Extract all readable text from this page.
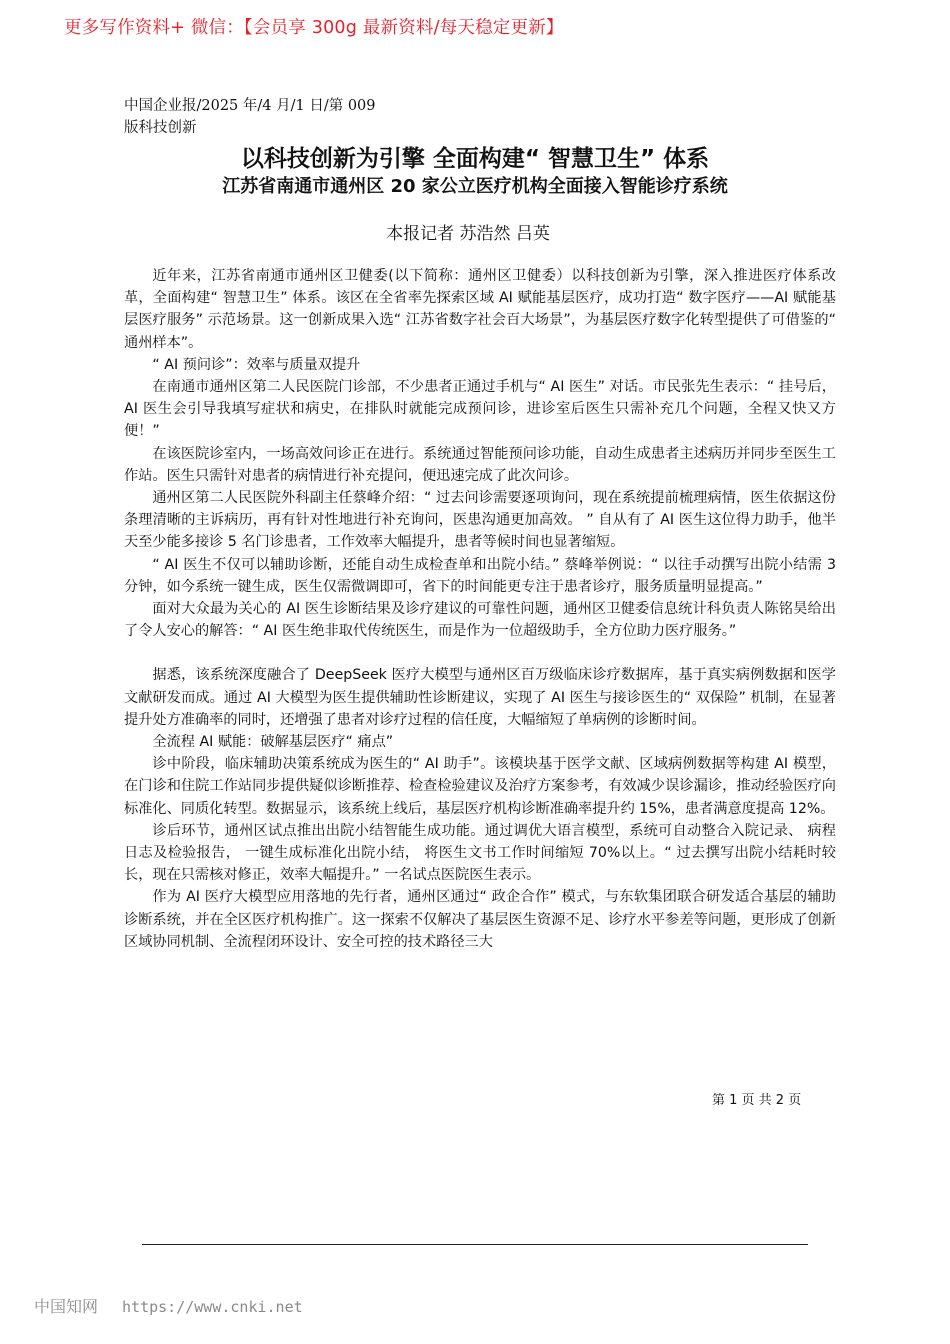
更多写作资料+ 微信：【会员享 300g 最新资料/每天稳定更新】
中国企业报/2025 年/4 月/1 日/第 009
版科技创新
以科技创新为引擎 全面构建“ 智慧卫生” 体系
江苏省南通市通州区 20 家公立医疗机构全面接入智能诊疗系统
本报记者 苏浩然 吕英

近年来，江苏省南通市通州区卫健委(以下简称：通州区卫健委）以科技创新为引擎，深入推进医疗体系改革，全面构建“ 智慧卫生” 体系。该区在全省率先探索区域 AI 赋能基层医疗，成功打造“ 数字医疗——AI 赋能基层医疗服务” 示范场景。这一创新成果入选“ 江苏省数字社会百大场景”，为基层医疗数字化转型提供了可借鉴的“ 通州样本”。

“ AI 预问诊”：效率与质量双提升

在南通市通州区第二人民医院门诊部，不少患者正通过手机与“ AI 医生” 对话。市民张先生表示：“ 挂号后，AI 医生会引导我填写症状和病史，在排队时就能完成预问诊，进诊室后医生只需补充几个问题，全程又快又方便！”

在该医院诊室内，一场高效问诊正在进行。系统通过智能预问诊功能，自动生成患者主述病历并同步至医生工作站。医生只需针对患者的病情进行补充提问，便迅速完成了此次问诊。

通州区第二人民医院外科副主任蔡峰介绍：“ 过去问诊需要逐项询问，现在系统提前梳理病情，医生依据这份条理清晰的主诉病历，再有针对性地进行补充询问，医患沟通更加高效。 ” 自从有了 AI 医生这位得力助手，他半天至少能多接诊 5 名门诊患者，工作效率大幅提升，患者等候时间也显著缩短。

“ AI 医生不仅可以辅助诊断，还能自动生成检查单和出院小结。” 蔡峰举例说：“ 以往手动撰写出院小结需 3 分钟，如今系统一键生成，医生仅需微调即可，省下的时间能更专注于患者诊疗，服务质量明显提高。”

面对大众最为关心的 AI 医生诊断结果及诊疗建议的可靠性问题，通州区卫健委信息统计科负责人陈铭昊给出了令人安心的解答：“ AI 医生绝非取代传统医生，而是作为一位超级助手，全方位助力医疗服务。”

据悉，该系统深度融合了 DeepSeek 医疗大模型与通州区百万级临床诊疗数据库，基于真实病例数据和医学文献研发而成。通过 AI 大模型为医生提供辅助性诊断建议，实现了 AI 医生与接诊医生的“ 双保险” 机制，在显著提升处方准确率的同时，还增强了患者对诊疗过程的信任度，大幅缩短了单病例的诊断时间。

全流程 AI 赋能：破解基层医疗“ 痛点”

诊中阶段，临床辅助决策系统成为医生的“ AI 助手”。该模块基于医学文献、区域病例数据等构建 AI 模型，在门诊和住院工作站同步提供疑似诊断推荐、检查检验建议及治疗方案参考，有效减少误诊漏诊，推动经验医疗向标准化、同质化转型。数据显示，该系统上线后，基层医疗机构诊断准确率提升约 15%，患者满意度提高 12%。

诊后环节，通州区试点推出出院小结智能生成功能。通过调优大语言模型，系统可自动整合入院记录、 病程日志及检验报告， 一键生成标准化出院小结， 将医生文书工作时间缩短 70%以上。“ 过去撰写出院小结耗时较长，现在只需核对修正，效率大幅提升。” 一名试点医院医生表示。

作为 AI 医疗大模型应用落地的先行者，通州区通过“ 政企合作” 模式，与东软集团联合研发适合基层的辅助诊断系统，并在全区医疗机构推广。这一探索不仅解决了基层医生资源不足、诊疗水平参差等问题，更形成了创新区域协同机制、全流程闭环设计、安全可控的技术路径三大

第 1 页 共 2 页
中国知网 https://www.cnki.net
